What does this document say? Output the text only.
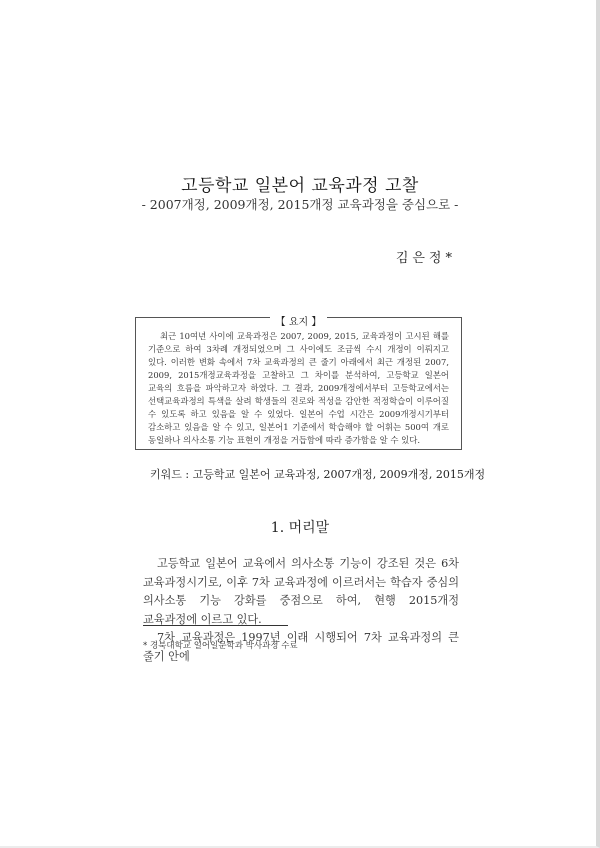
고등학교 일본어 교육과정 고찰
- 2007개정, 2009개정, 2015개정 교육과정을 중심으로 -
김은정*
【 요지 】
최근 10여년 사이에 교육과정은 2007, 2009, 2015, 교육과정이 고시된 해를 기준으로 하여 3차례 개정되었으며 그 사이에도 조금씩 수시 개정이 이뤄지고 있다. 이러한 변화 속에서 7차 교육과정의 큰 줄기 아래에서 최근 개정된 2007, 2009, 2015개정교육과정을 고찰하고 그 차이를 분석하여, 고등학교 일본어 교육의 흐름을 파악하고자 하였다. 그 결과, 2009개정에서부터 고등학교에서는 선택교육과정의 특색을 살려 학생들의 진로와 적성을 감안한 적정학습이 이루어질 수 있도록 하고 있음을 알 수 있었다. 일본어 수업 시간은 2009개정시기부터 감소하고 있음을 알 수 있고, 일본어1 기준에서 학습해야 할 어휘는 500여 개로 동일하나 의사소통 기능 표현이 개정을 거듭함에 따라 증가함을 알 수 있다.
키워드 : 고등학교 일본어 교육과정, 2007개정, 2009개정, 2015개정
1. 머리말

고등학교 일본어 교육에서 의사소통 기능이 강조된 것은 6차 교육과정시기로, 이후 7차 교육과정에 이르러서는 학습자 중심의 의사소통 기능 강화를 중점으로 하여, 현행 2015개정 교육과정에 이르고 있다.

7차 교육과정은 1997년 이래 시행되어 7차 교육과정의 큰 줄기 안에

* 경북대학교 일어일문학과 박사과정 수료
